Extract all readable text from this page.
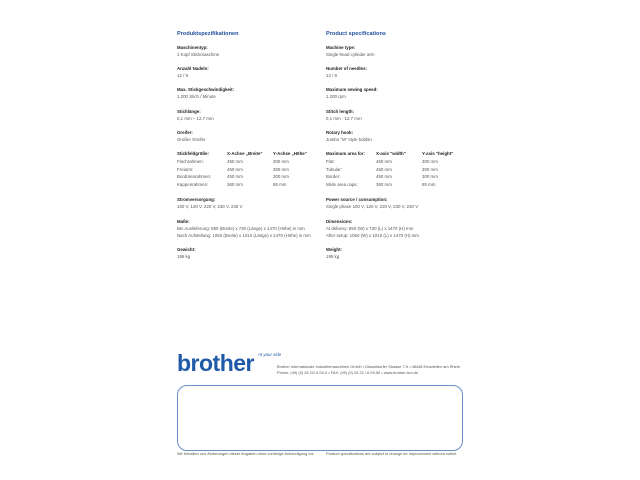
Produktspezifikationen
Maschinentyp:
1 Kopf Stickmaschine
Anzahl Nadeln:
12 / 9
Max. Stickgeschwindigkeit:
1.200 Stich / Minute
Stichlänge:
0,1 mm – 12,7 mm
Greifer:
Großer Greifer
Stickfeldgröße:	X-Achse „Breite“	Y-Achse „Höhe“
Flachrahmen:	450 mm	300 mm
Freiarm:	450 mm	300 mm
Bordürenrahmen:	450 mm	300 mm
Kappenrahmen:	360 mm	85 mm
Stromversorgung:
100 V, 120 V, 220 V, 230 V, 240 V
Maße:
Bei Auslieferung: 850 (Breite) x 730 (Länge) x 1470 (Höhe) in mm
Nach Aufstellung: 1050 (Breite) x 1010 (Länge) x 1470 (Höhe) in mm
Gewicht:
195 kg
Product specifications
Machine type:
Single-head cylinder arm
Number of needles:
12 / 9
Maximum sewing speed:
1.200 rpm
Stitch length:
0,1 mm - 12,7 mm
Rotary hook:
Jumbo "M" style bobbin
Maximum area for:	X-axis "width"	Y-axis "height"
Flat:	450 mm	300 mm
Tubular:	450 mm	300 mm
Border:	450 mm	300 mm
Wide area caps:	360 mm	85 mm
Power source / consumption:
Single phase 100 V, 120 V, 220 V, 230 V, 240 V
Dimensions:
At delivery: 850 (W) x 730 (L) x 1470 (H) mm
After setup: 1050 (W) x 1010 (L) x 1470 (H) mm
Weight:
195 kg
brother At your side
Brother Internationale Industriemaschinen GmbH • Düsseldorfer Strasse 7-9 • 48446 Emsdetten am Rhein
Phone: (49) (0) 28 22/ 6 09-0 • FAX: (49) (0) 28 22 / 6 09-50 • www.brother-ism.de
Wir behalten uns Änderungen dieser Angaben ohne vorherige Ankündigung vor.	Product specifications are subject to change for improvement without notice.
